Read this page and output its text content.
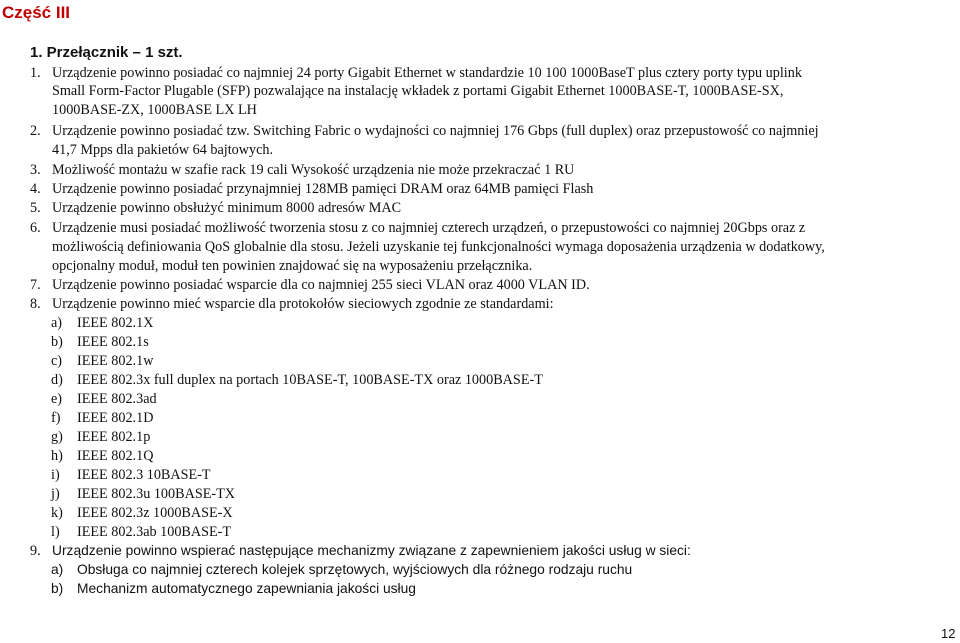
Część III
1. Przełącznik – 1 szt.
1. Urządzenie powinno posiadać co najmniej 24 porty Gigabit Ethernet w standardzie 10 100 1000BaseT plus cztery porty typu uplink
Small Form-Factor Plugable (SFP) pozwalające na instalację wkładek z portami Gigabit Ethernet 1000BASE-T, 1000BASE-SX,
1000BASE-ZX, 1000BASE LX LH
2. Urządzenie powinno posiadać tzw. Switching Fabric o wydajności co najmniej 176 Gbps (full duplex) oraz przepustowość co najmniej
41,7 Mpps dla pakietów 64 bajtowych.
3. Możliwość montażu w szafie rack 19 cali Wysokość urządzenia nie może przekraczać 1 RU
4. Urządzenie powinno posiadać przynajmniej 128MB pamięci DRAM oraz 64MB pamięci Flash
5. Urządzenie powinno obsłużyć minimum 8000 adresów MAC
6. Urządzenie musi posiadać możliwość tworzenia stosu z co najmniej czterech urządzeń, o przepustowości co najmniej 20Gbps oraz z
możliwością definiowania QoS globalnie dla stosu. Jeżeli uzyskanie tej funkcjonalności wymaga doposażenia urządzenia w dodatkowy,
opcjonalny moduł, moduł ten powinien znajdować się na wyposażeniu przełącznika.
7. Urządzenie powinno posiadać wsparcie dla co najmniej 255 sieci VLAN oraz 4000 VLAN ID.
8. Urządzenie powinno mieć wsparcie dla protokołów sieciowych zgodnie ze standardami:
a) IEEE 802.1X
b) IEEE 802.1s
c) IEEE 802.1w
d) IEEE 802.3x full duplex na portach 10BASE-T, 100BASE-TX oraz 1000BASE-T
e) IEEE 802.3ad
f) IEEE 802.1D
g) IEEE 802.1p
h) IEEE 802.1Q
i) IEEE 802.3 10BASE-T
j) IEEE 802.3u 100BASE-TX
k) IEEE 802.3z 1000BASE-X
l) IEEE 802.3ab 100BASE-T
9. Urządzenie powinno wspierać następujące mechanizmy związane z zapewnieniem jakości usług w sieci:
a) Obsługa co najmniej czterech kolejek sprzętowych, wyjściowych dla różnego rodzaju ruchu
b) Mechanizm automatycznego zapewniania jakości usług
12
